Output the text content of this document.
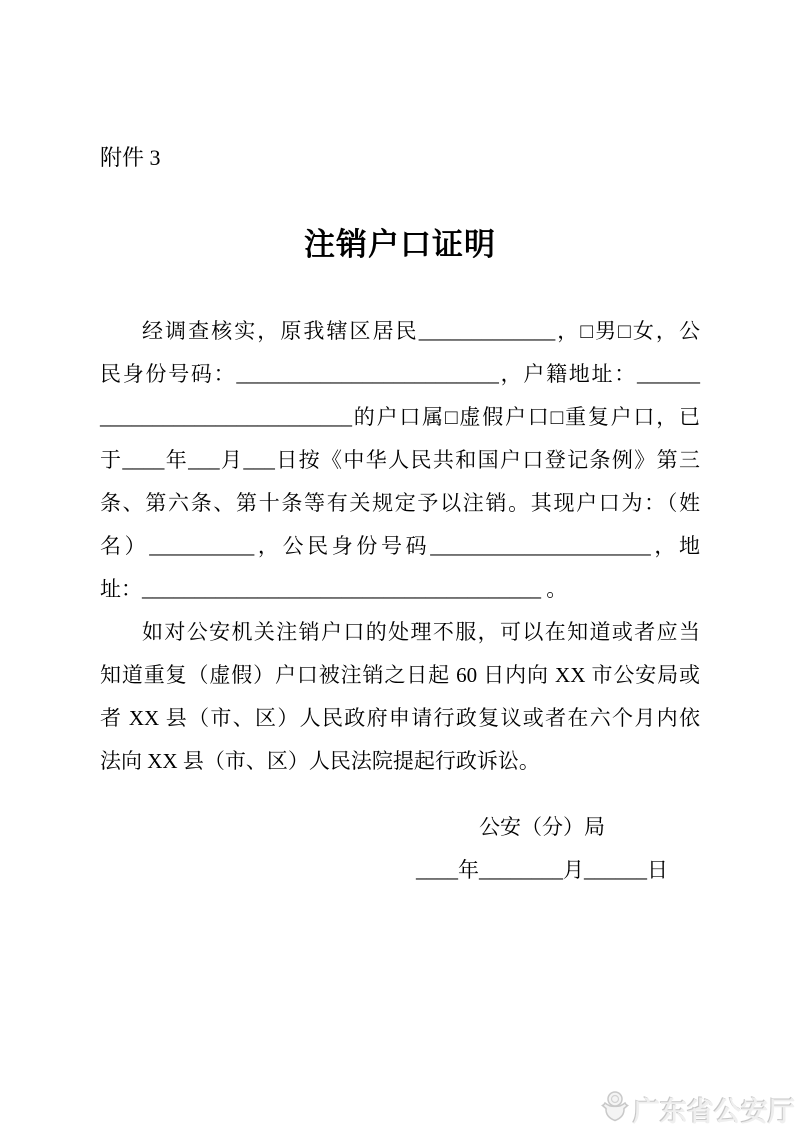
附件 3
注销户口证明
经调查核实，原我辖区居民_____________，□男□女，公
民身份号码：_________________________，户籍地址：______
________________________的户口属□虚假户口□重复户口，已
于____年___月___日按《中华人民共和国户口登记条例》第三
条、第六条、第十条等有关规定予以注销。其现户口为：（姓
名）__________，公民身份号码_____________________，地
址：______________________________________ 。
如对公安机关注销户口的处理不服，可以在知道或者应当
知道重复（虚假）户口被注销之日起 60 日内向 XX 市公安局或
者 XX 县（市、区）人民政府申请行政复议或者在六个月内依
法向 XX 县（市、区）人民法院提起行政诉讼。
公安（分）局
____年________月______日
广东省公安厅
